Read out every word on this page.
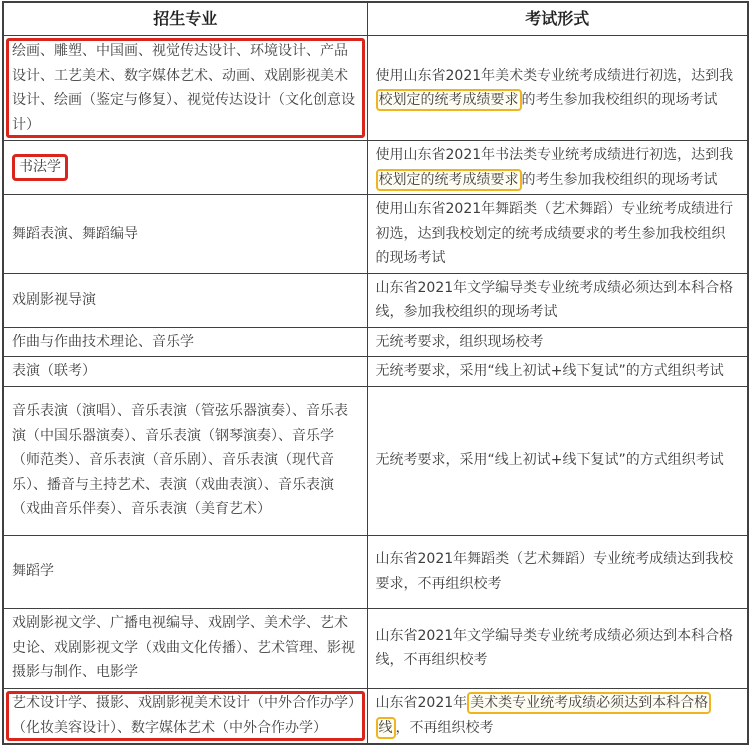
招生专业	考试形式

绘画、雕塑、中国画、视觉传达设计、环境设计、产品设计、工艺美术、数字媒体艺术、动画、戏剧影视美术设计、绘画（鉴定与修复）、视觉传达设计（文化创意设计）	使用山东省2021年美术类专业统考成绩进行初选，达到我校划定的统考成绩要求 的考生参加我校组织的现场考试
书法学	使用山东省2021年书法类专业统考成绩进行初选，达到我校划定的统考成绩要求 的考生参加我校组织的现场考试
舞蹈表演、舞蹈编导	使用山东省2021年舞蹈类（艺术舞蹈）专业统考成绩进行初选，达到我校划定的统考成绩要求的考生参加我校组织的现场考试
戏剧影视导演	山东省2021年文学编导类专业统考成绩必须达到本科合格线，参加我校组织的现场考试
作曲与作曲技术理论、音乐学	无统考要求，组织现场校考
表演（联考）	无统考要求，采用“线上初试+线下复试”的方式组织考试
音乐表演（演唱）、音乐表演（管弦乐器演奏）、音乐表演（中国乐器演奏）、音乐表演（钢琴演奏）、音乐学（师范类）、音乐表演（音乐剧）、音乐表演（现代音乐）、播音与主持艺术、表演（戏曲表演）、音乐表演（戏曲音乐伴奏）、音乐表演（美育艺术）	无统考要求，采用“线上初试+线下复试”的方式组织考试
舞蹈学	山东省2021年舞蹈类（艺术舞蹈）专业统考成绩达到我校要求，不再组织校考
戏剧影视文学、广播电视编导、戏剧学、美术学、艺术史论、戏剧影视文学（戏曲文化传播）、艺术管理、影视摄影与制作、电影学	山东省2021年文学编导类专业统考成绩必须达到本科合格线，不再组织校考

艺术设计学、摄影、戏剧影视美术设计（中外合作办学）（化妆美容设计）、数字媒体艺术（中外合作办学）	山东省2021年 美术类专业统考成绩必须达到本科合格线 ，不再组织校考
